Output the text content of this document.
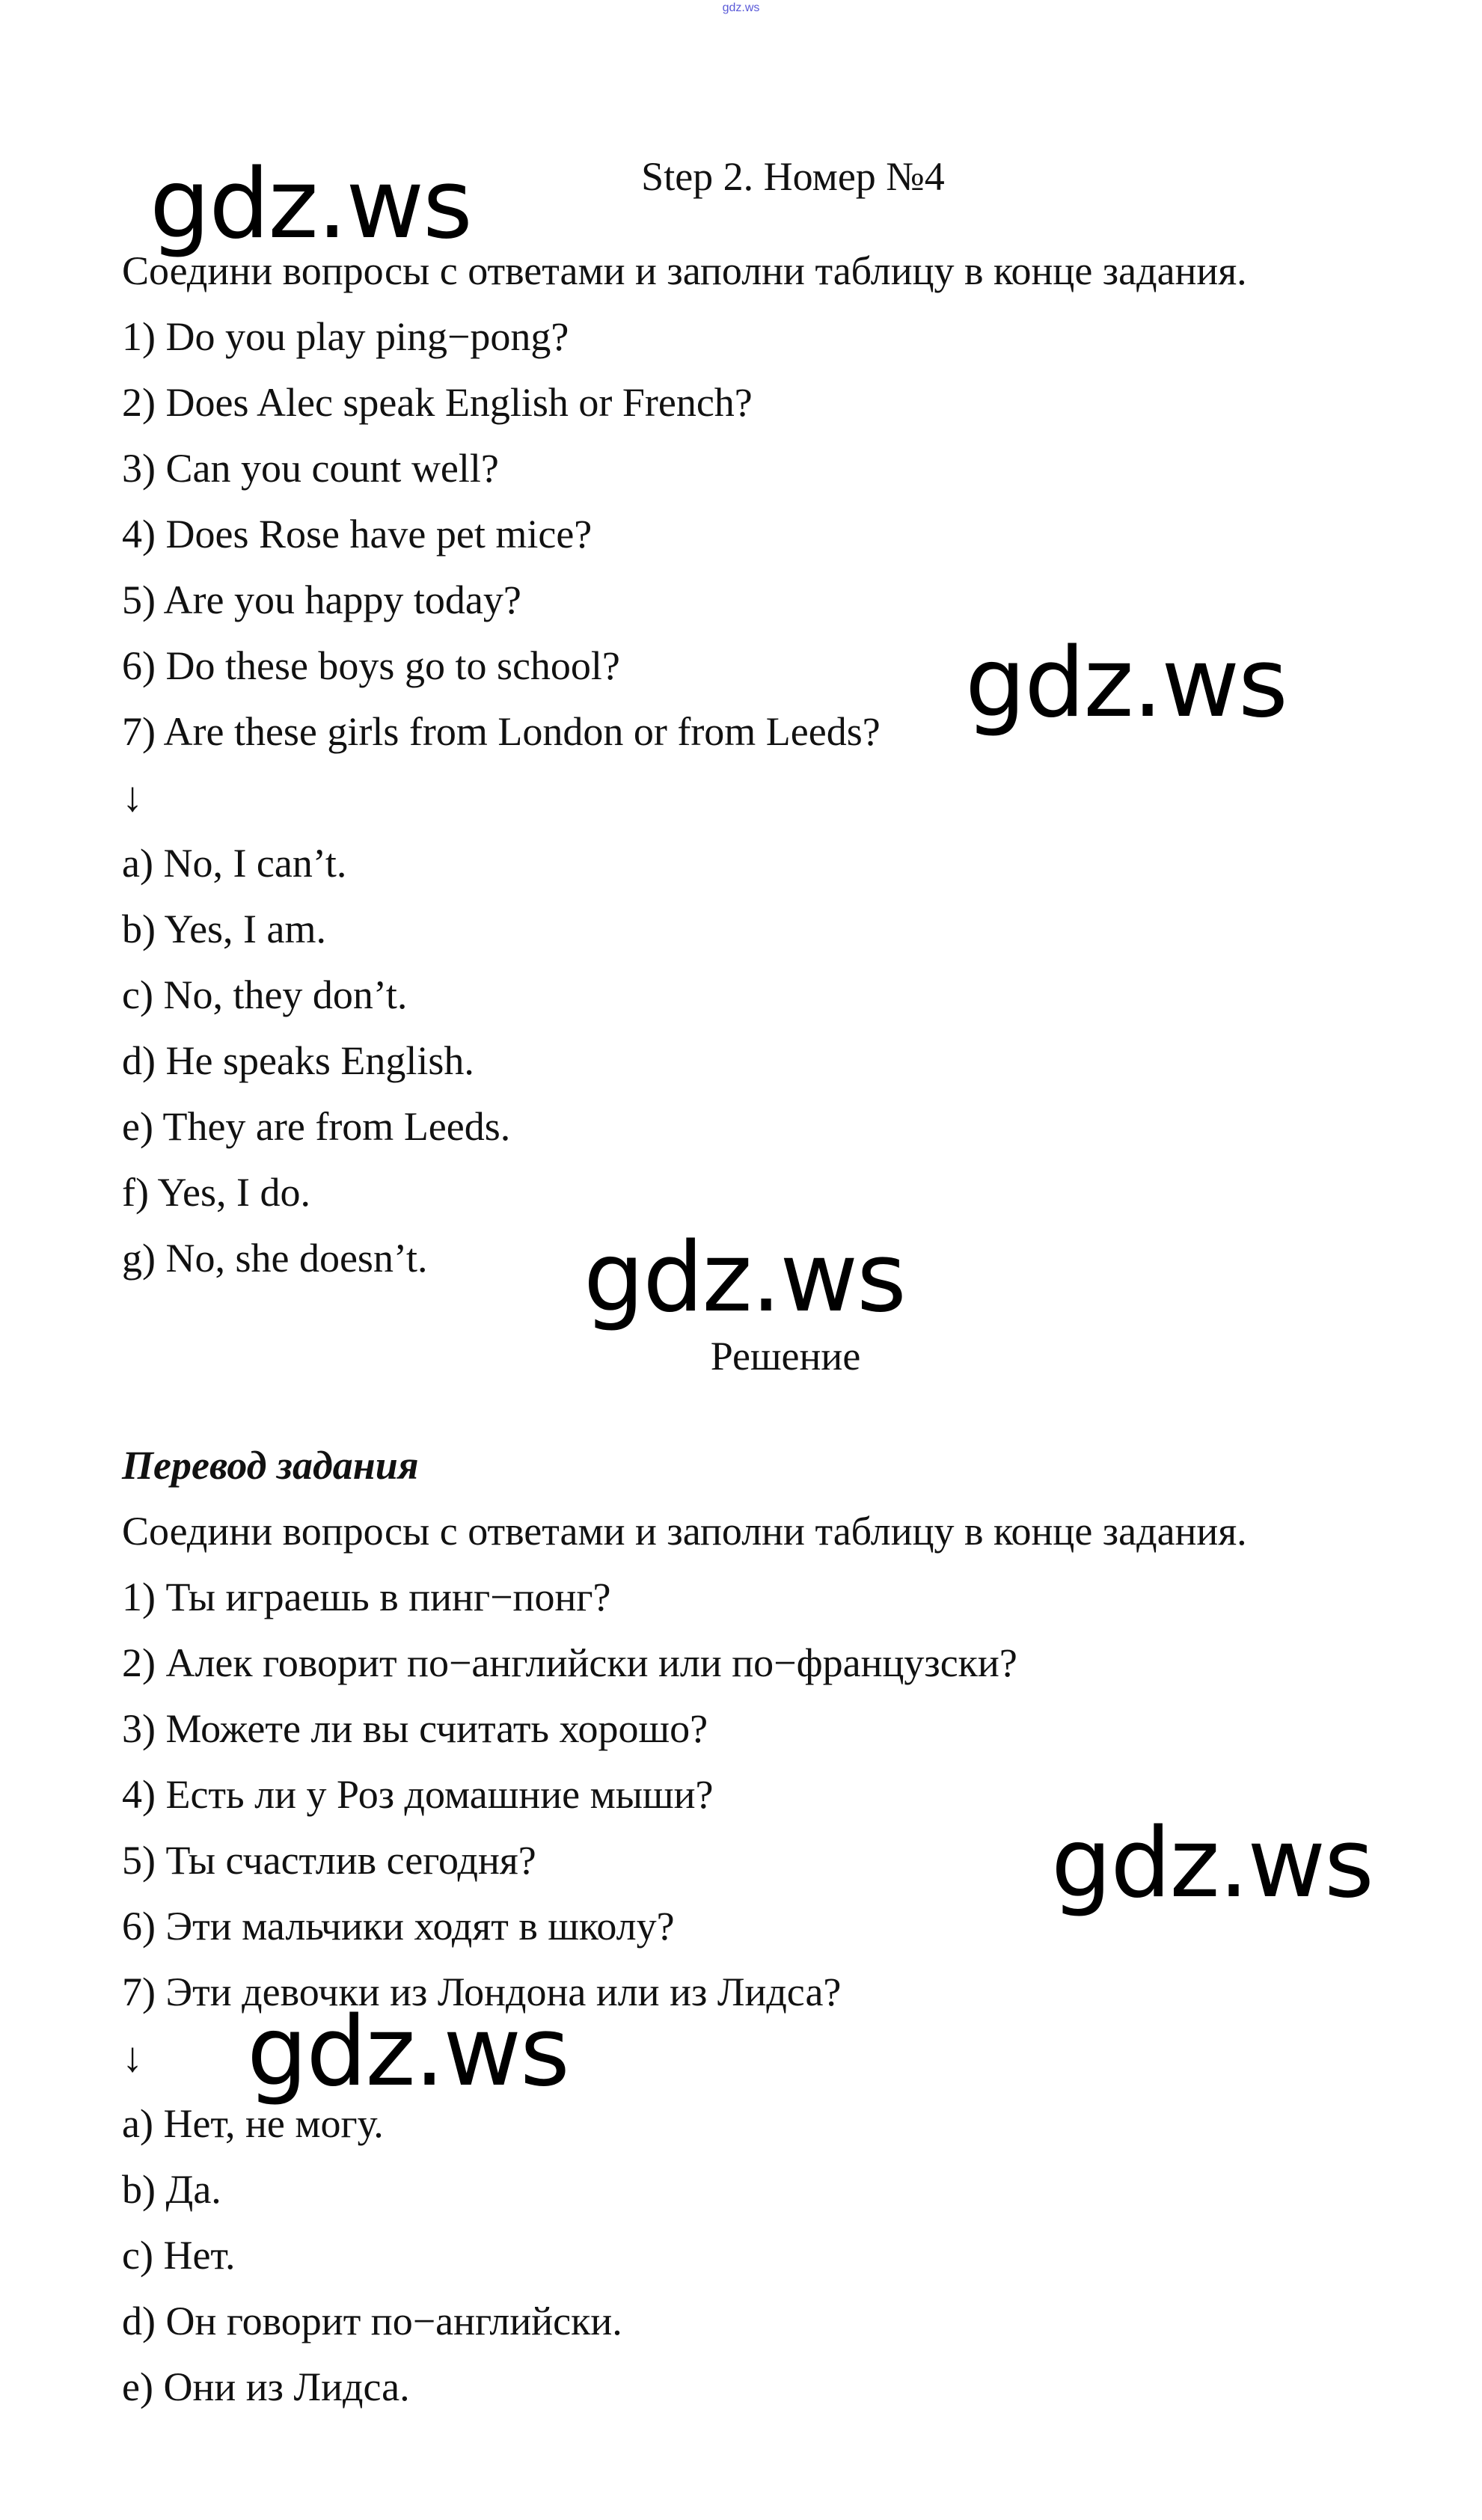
gdz.ws
Step 2. Номер №4
Соедини вопросы с ответами и заполни таблицу в конце задания.
1) Do you play ping−pong?
2) Does Alec speak English or French?
3) Can you count well?
4) Does Rose have pet mice?
5) Are you happy today?
6) Do these boys go to school?
7) Are these girls from London or from Leeds?
↓
a) No, I can’t.
b) Yes, I am.
c) No, they don’t.
d) He speaks English.
e) They are from Leeds.
f) Yes, I do.
g) No, she doesn’t.
Решение
Перевод задания
Соедини вопросы с ответами и заполни таблицу в конце задания.
1) Ты играешь в пинг−понг?
2) Алек говорит по−английски или по−французски?
3) Можете ли вы считать хорошо?
4) Есть ли у Роз домашние мыши?
5) Ты счастлив сегодня?
6) Эти мальчики ходят в школу?
7) Эти девочки из Лондона или из Лидса?
↓
a) Нет, не могу.
b) Да.
c) Нет.
d) Он говорит по−английски.
e) Они из Лидса.
gdz.ws
gdz.ws
gdz.ws
gdz.ws
gdz.ws
